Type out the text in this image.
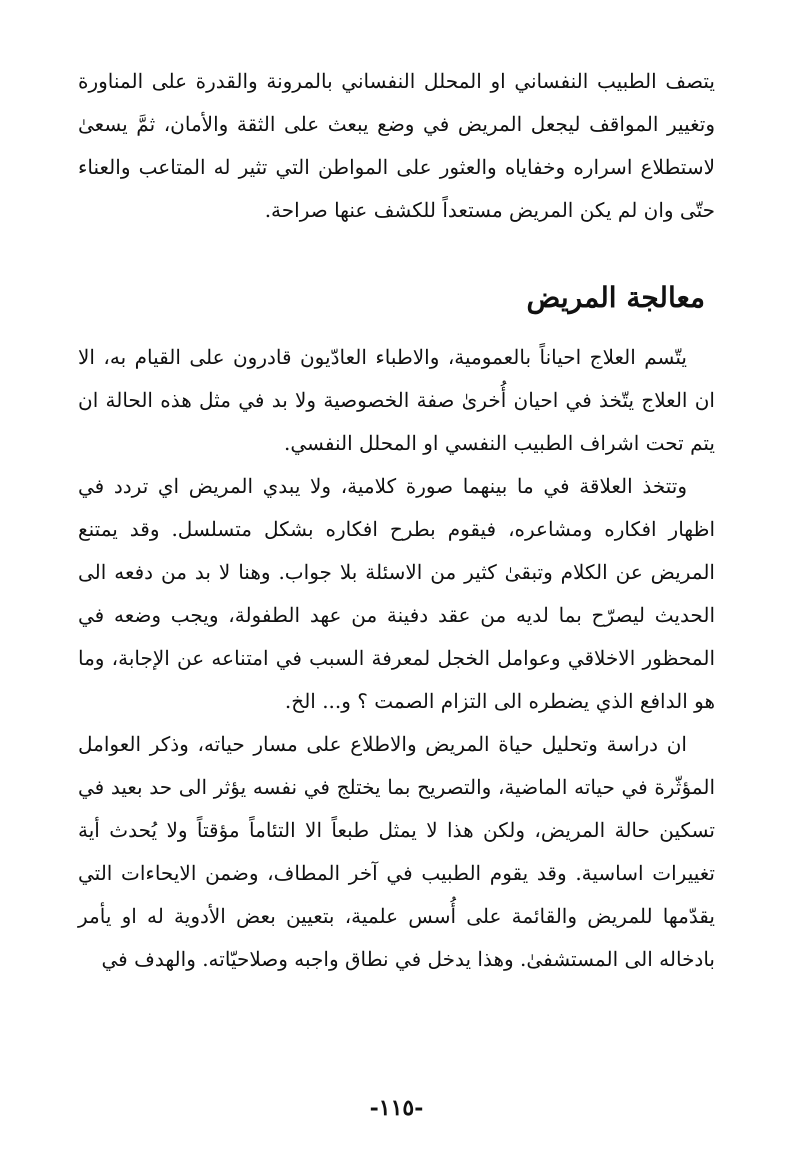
يتصف الطبيب النفساني او المحلل النفساني بالمرونة والقدرة على المناورة وتغيير المواقف ليجعل المريض في وضع يبعث على الثقة والأمان، ثمَّ يسعىٰ لاستطلاع اسراره وخفاياه والعثور على المواطن التي تثير له المتاعب والعناء حتّى وان لم يكن المريض مستعداً للكشف عنها صراحة.

معالجة المريض

يتّسم العلاج احياناً بالعمومية، والاطباء العادّيون قادرون على القيام به، الا ان العلاج يتّخذ في احيان أُخرىٰ صفة الخصوصية ولا بد في مثل هذه الحالة ان يتم تحت اشراف الطبيب النفسي او المحلل النفسي.

وتتخذ العلاقة في ما بينهما صورة كلامية، ولا يبدي المريض اي تردد في اظهار افكاره ومشاعره، فيقوم بطرح افكاره بشكل متسلسل. وقد يمتنع المريض عن الكلام وتبقىٰ كثير من الاسئلة بلا جواب. وهنا لا بد من دفعه الى الحديث ليصرّح بما لديه من عقد دفينة من عهد الطفولة، ويجب وضعه في المحظور الاخلاقي وعوامل الخجل لمعرفة السبب في امتناعه عن الإجابة، وما هو الدافع الذي يضطره الى التزام الصمت ؟ و... الخ.

ان دراسة وتحليل حياة المريض والاطلاع على مسار حياته، وذكر العوامل المؤثّرة في حياته الماضية، والتصريح بما يختلج في نفسه يؤثر الى حد بعيد في تسكين حالة المريض، ولكن هذا لا يمثل طبعاً الا التئاماً مؤقتاً ولا يُحدث أية تغييرات اساسية. وقد يقوم الطبيب في آخر المطاف، وضمن الايحاءات التي يقدّمها للمريض والقائمة على أُسس علمية، بتعيين بعض الأدوية له او يأمر بادخاله الى المستشفىٰ. وهذا يدخل في نطاق واجبه وصلاحيّاته. والهدف في

-١١٥-
